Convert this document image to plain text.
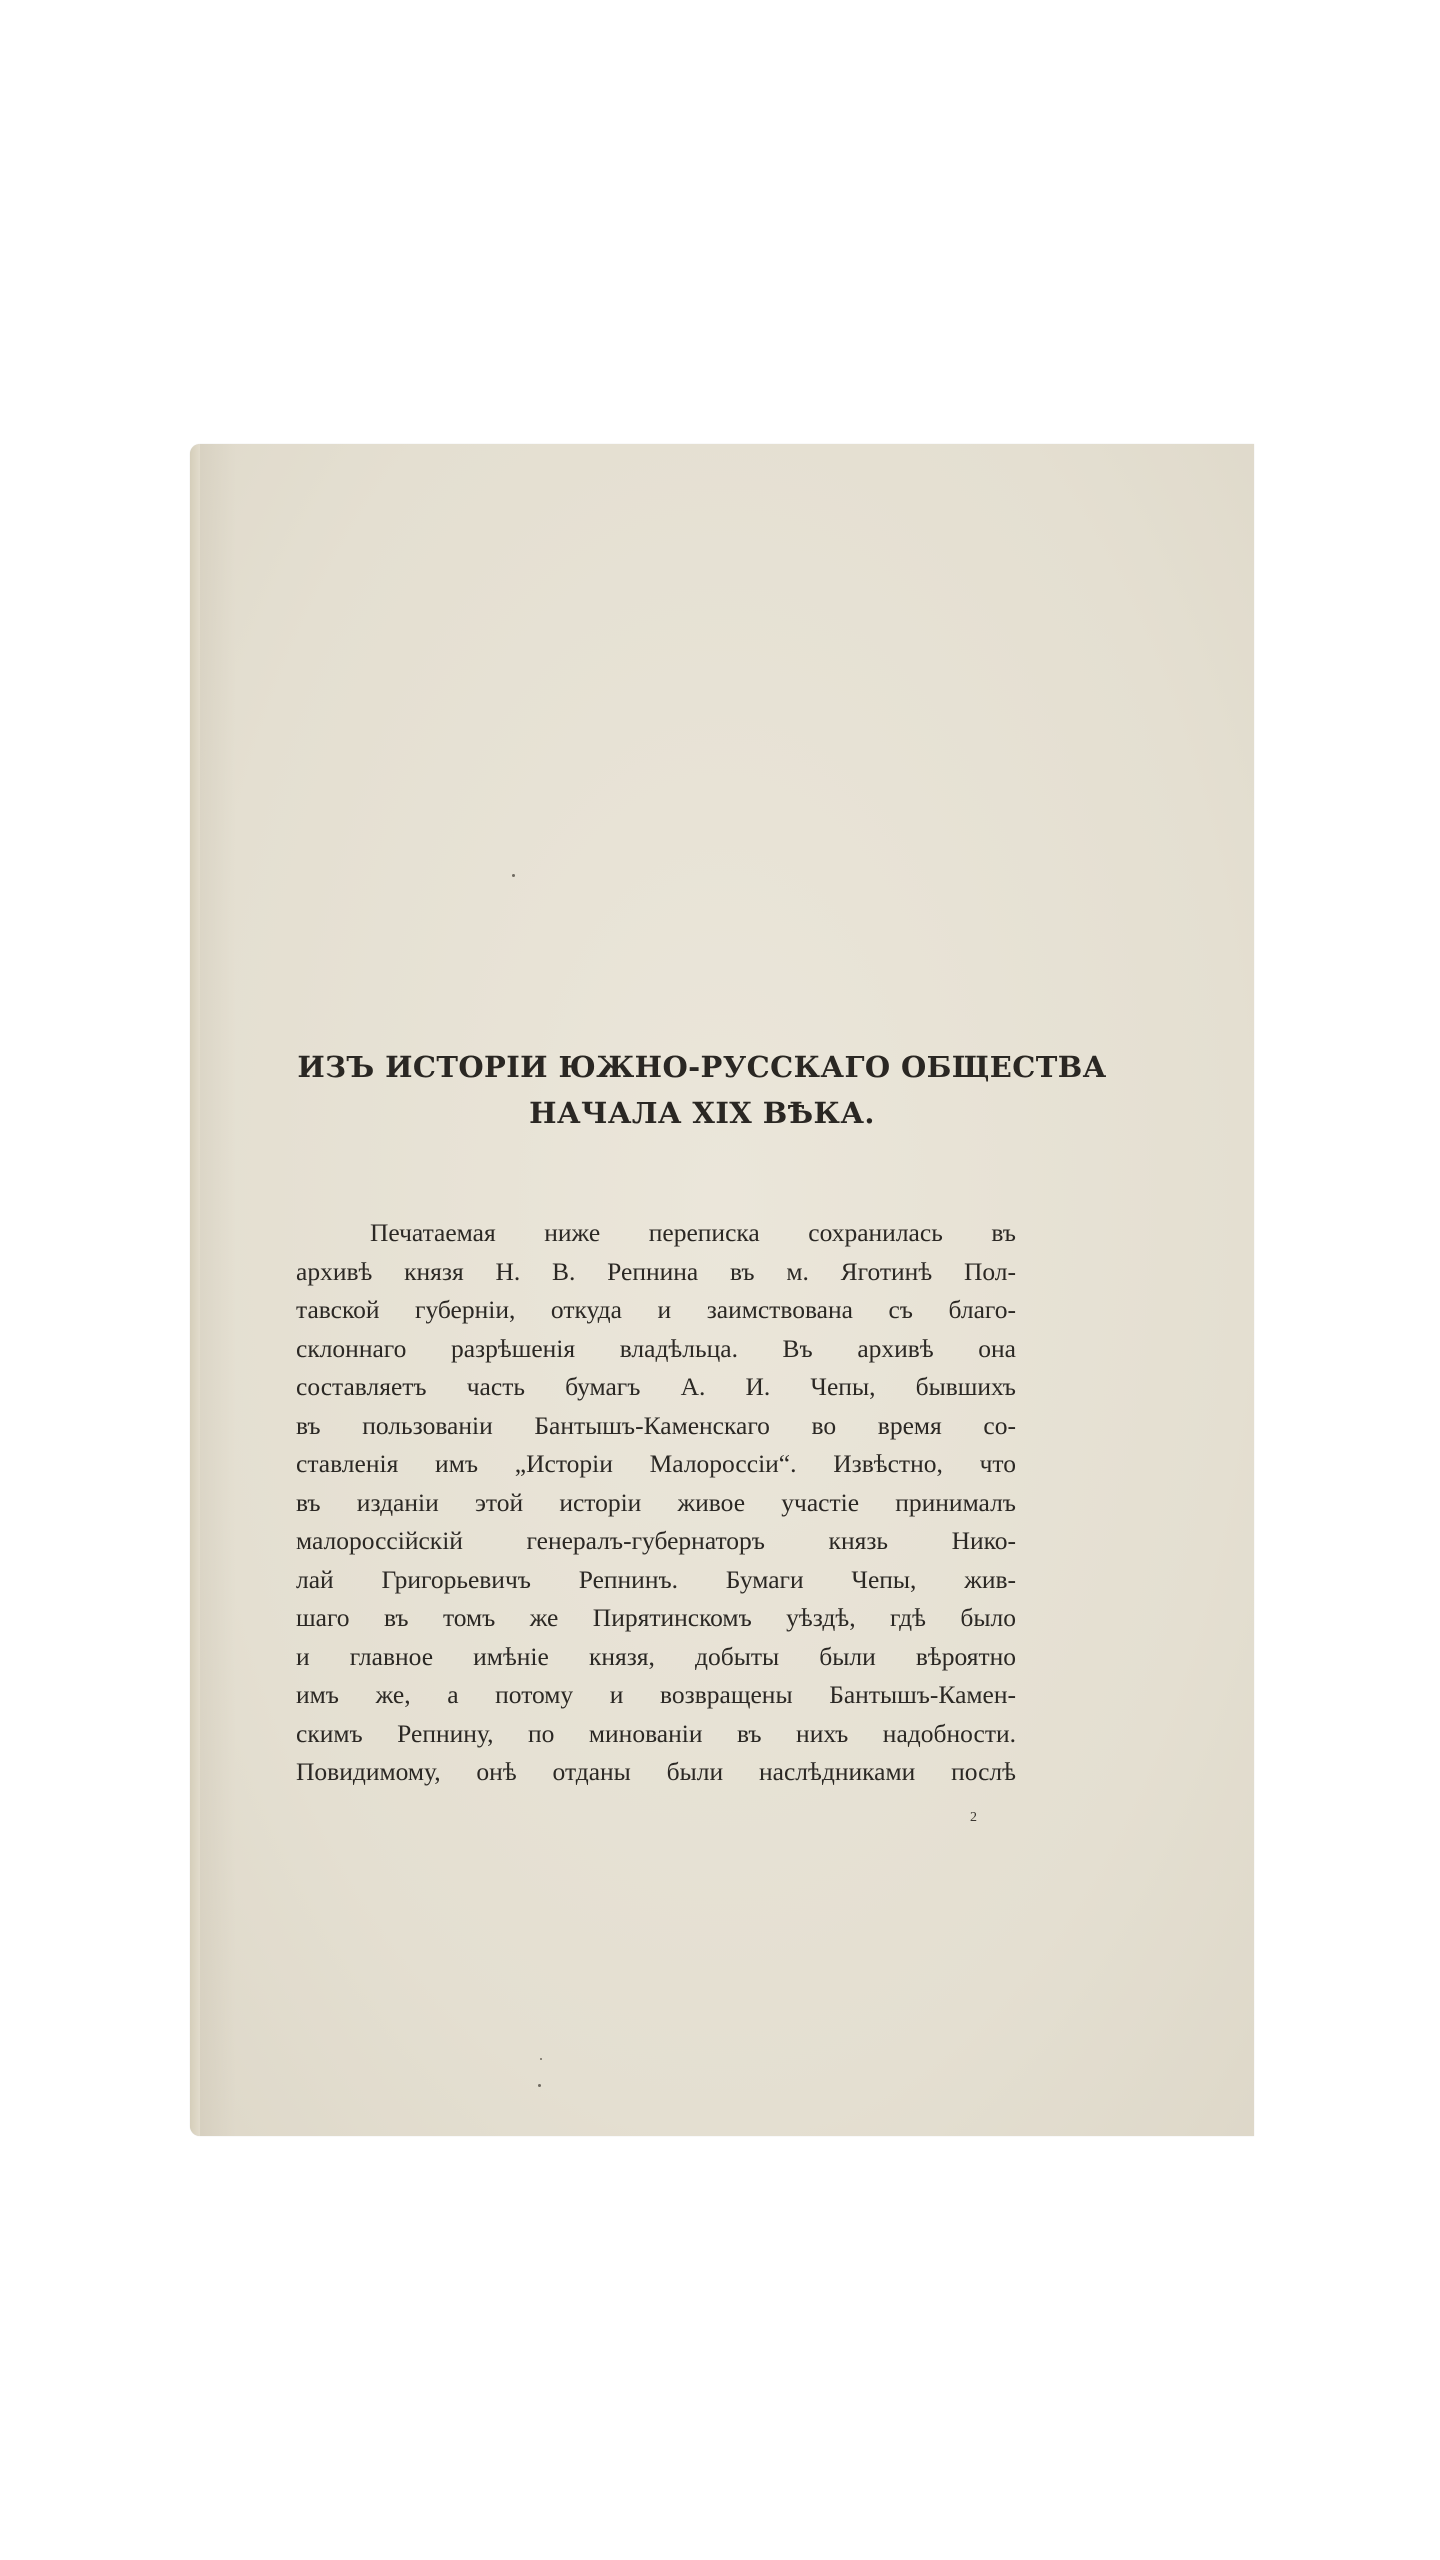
ИЗЪ ИСТОРІИ ЮЖНО-РУССКАГО ОБЩЕСТВА
НАЧАЛА XIX ВѢКА.
Печатаемая ниже переписка сохранилась въ
архивѣ князя Н. В. Репнина въ м. Яготинѣ Пол-
тавской губерніи, откуда и заимствована съ благо-
склоннаго разрѣшенія владѣльца. Въ архивѣ она
составляетъ часть бумагъ А. И. Чепы, бывшихъ
въ пользованіи Бантышъ-Каменскаго во время со-
ставленія имъ „Исторіи Малороссіи“. Извѣстно, что
въ изданіи этой исторіи живое участіе принималъ
малороссійскій генералъ-губернаторъ князь Нико-
лай Григорьевичъ Репнинъ. Бумаги Чепы, жив-
шаго въ томъ же Пирятинскомъ уѣздѣ, гдѣ было
и главное имѣніе князя, добыты были вѣроятно
имъ же, а потому и возвращены Бантышъ-Камен-
скимъ Репнину, по минованіи въ нихъ надобности.
Повидимому, онѣ отданы были наслѣдниками послѣ
2
